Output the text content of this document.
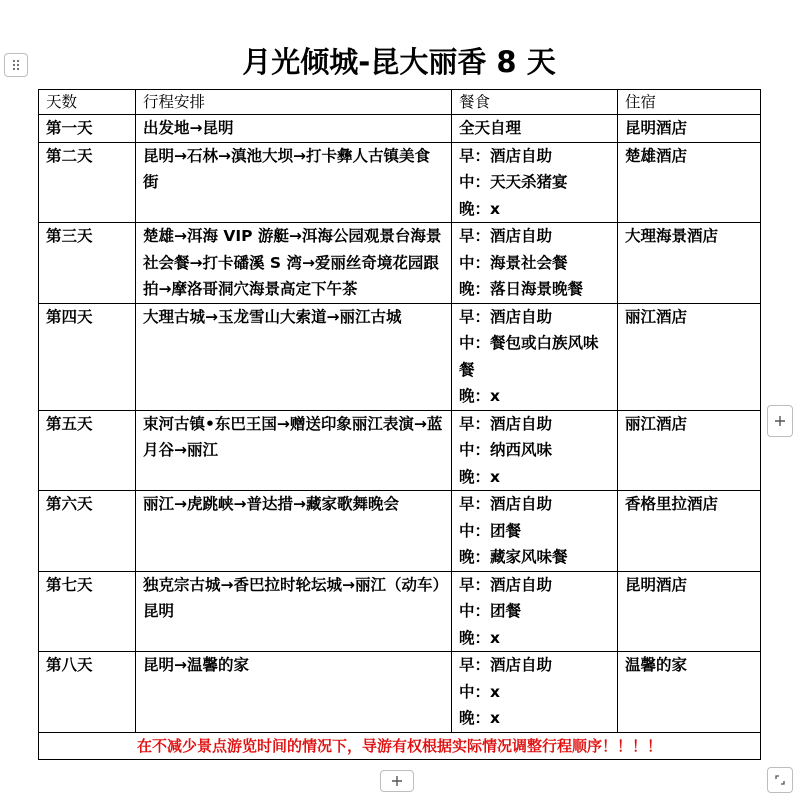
月光倾城-昆大丽香 8 天
天数	行程安排	餐食	住宿
第一天	出发地→昆明	全天自理	昆明酒店
第二天	昆明→石林→滇池大坝→打卡彝人古镇美食街	早：酒店自助
中：天天杀猪宴
晚：x	楚雄酒店
第三天	楚雄→洱海 VIP 游艇→洱海公园观景台海景社会餐→打卡磻溪 S 湾→爱丽丝奇境花园跟拍→摩洛哥洞穴海景高定下午茶	早：酒店自助
中：海景社会餐
晚：落日海景晚餐	大理海景酒店
第四天	大理古城→玉龙雪山大索道→丽江古城	早：酒店自助
中：餐包或白族风味餐
晚：x	丽江酒店
第五天	束河古镇•东巴王国→赠送印象丽江表演→蓝月谷→丽江	早：酒店自助
中：纳西风味
晚：x	丽江酒店
第六天	丽江→虎跳峡→普达措→藏家歌舞晚会	早：酒店自助
中：团餐
晚：藏家风味餐	香格里拉酒店
第七天	独克宗古城→香巴拉时轮坛城→丽江（动车）昆明	早：酒店自助
中：团餐
晚：x	昆明酒店
第八天	昆明→温馨的家	早：酒店自助
中：x
晚：x	温馨的家
在不减少景点游览时间的情况下，导游有权根据实际情况调整行程顺序！！！！			
